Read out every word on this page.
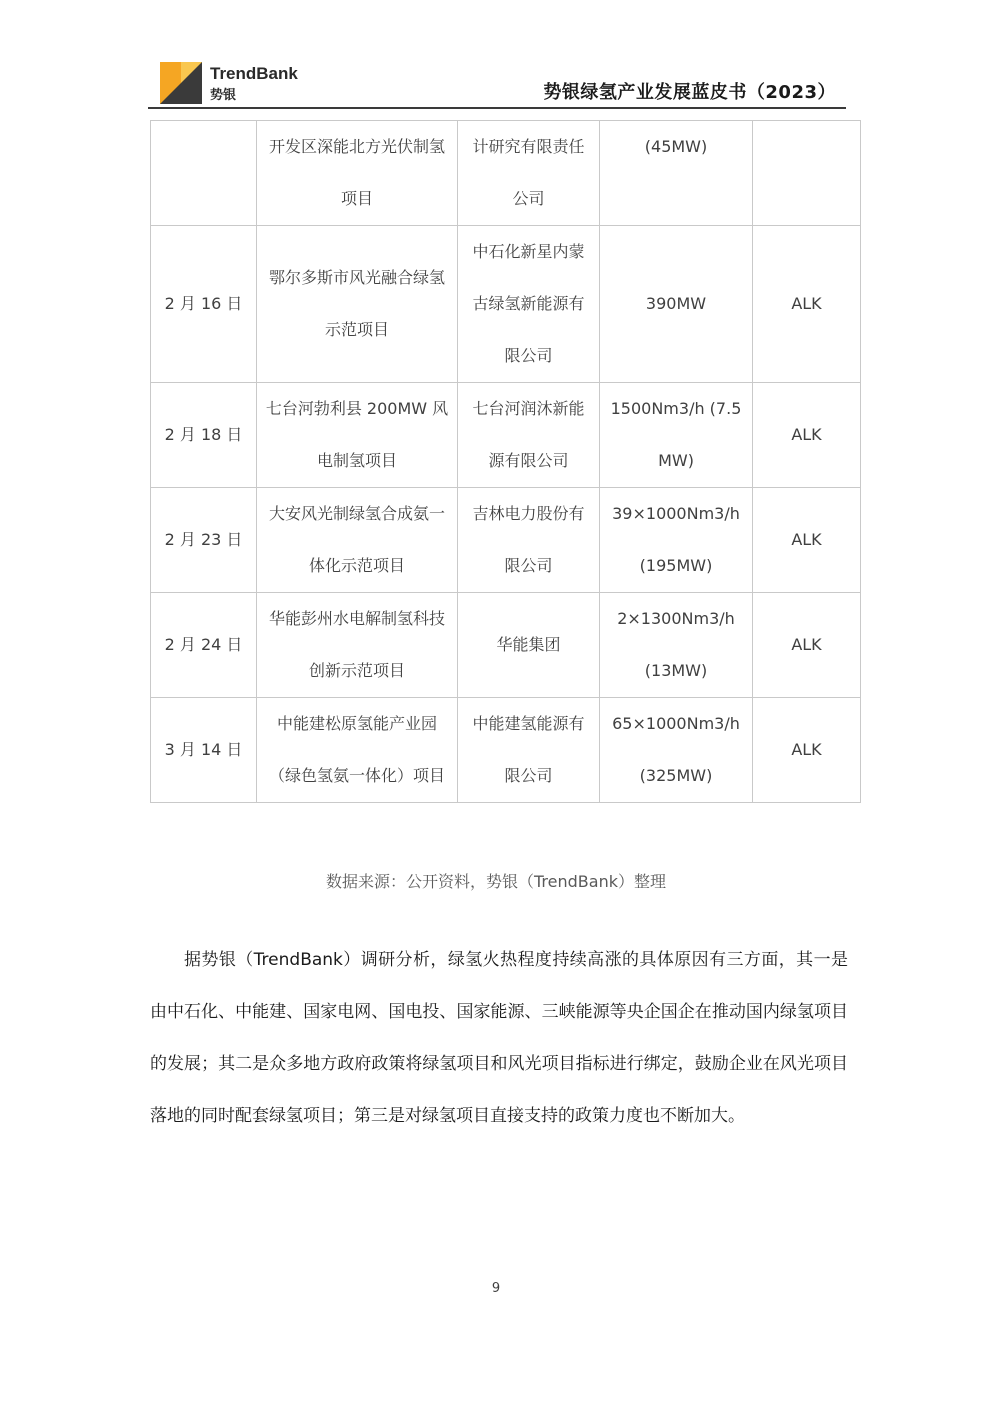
TrendBank
势银	势银绿氢产业发展蓝皮书（2023）
	开发区深能北方光伏制氢项目	计研究有限责任公司	(45MW)	
2 月 16 日	鄂尔多斯市风光融合绿氢示范项目	中石化新星内蒙古绿氢新能源有限公司	390MW	ALK
2 月 18 日	七台河勃利县 200MW 风电制氢项目	七台河润沐新能源有限公司	1500Nm3/h (7.5MW)	ALK
2 月 23 日	大安风光制绿氢合成氨一体化示范项目	吉林电力股份有限公司	39×1000Nm3/h (195MW)	ALK
2 月 24 日	华能彭州水电解制氢科技创新示范项目	华能集团	2×1300Nm3/h (13MW)	ALK
3 月 14 日	中能建松原氢能产业园（绿色氢氨一体化）项目	中能建氢能源有限公司	65×1000Nm3/h (325MW)	ALK
数据来源：公开资料，势银（TrendBank）整理
据势银（TrendBank）调研分析，绿氢火热程度持续高涨的具体原因有三方面，其一是由中石化、中能建、国家电网、国电投、国家能源、三峡能源等央企国企在推动国内绿氢项目的发展；其二是众多地方政府政策将绿氢项目和风光项目指标进行绑定，鼓励企业在风光项目落地的同时配套绿氢项目；第三是对绿氢项目直接支持的政策力度也不断加大。
9
